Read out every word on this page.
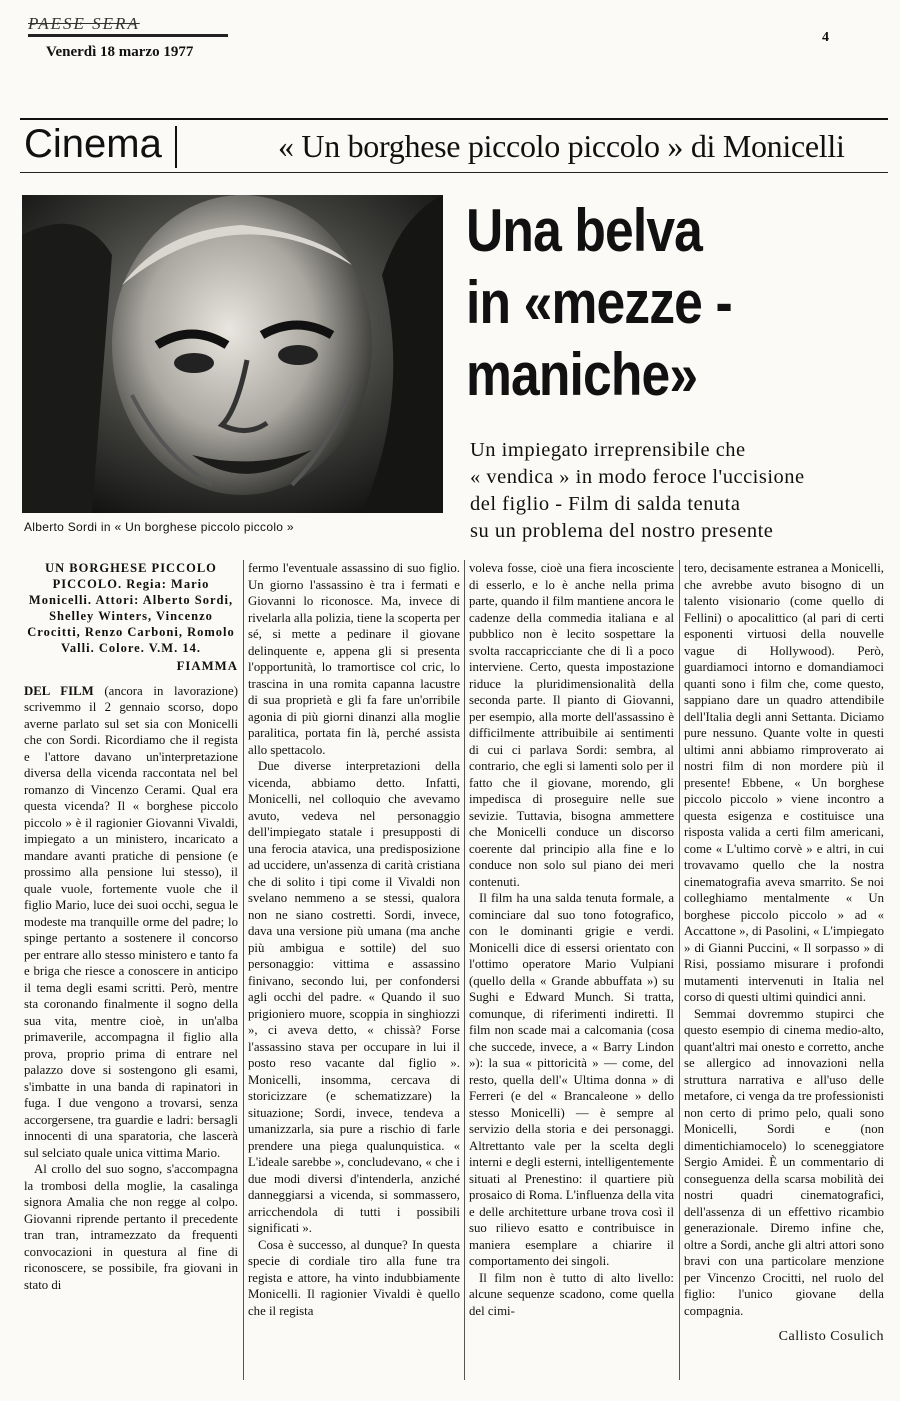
PAESE SERA
Venerdì 18 marzo 1977
4
Cinema	« Un borghese piccolo piccolo » di Monicelli
Alberto Sordi in « Un borghese piccolo piccolo »
Una belva
in «mezze -
maniche»
Un impiegato irreprensibile che
« vendica » in modo feroce l'uccisione
del figlio - Film di salda tenuta
su un problema del nostro presente

UN BORGHESE PICCOLO PICCOLO. Regia: Mario Monicelli. Attori: Alberto Sordi, Shelley Winters, Vincenzo Crocitti, Renzo Carboni, Romolo Valli. Colore. V.M. 14.

FIAMMA

DEL FILM (ancora in lavorazione) scrivemmo il 2 gennaio scorso, dopo averne parlato sul set sia con Monicelli che con Sordi. Ricordiamo che il regista e l'attore davano un'interpretazione diversa della vicenda raccontata nel bel romanzo di Vincenzo Cerami. Qual era questa vicenda? Il « borghese piccolo piccolo » è il ragionier Giovanni Vivaldi, impiegato a un ministero, incaricato a mandare avanti pratiche di pensione (e prossimo alla pensione lui stesso), il quale vuole, fortemente vuole che il figlio Mario, luce dei suoi occhi, segua le modeste ma tranquille orme del padre; lo spinge pertanto a sostenere il concorso per entrare allo stesso ministero e tanto fa e briga che riesce a conoscere in anticipo il tema degli esami scritti. Però, mentre sta coronando finalmente il sogno della sua vita, mentre cioè, in un'alba primaverile, accompagna il figlio alla prova, proprio prima di entrare nel palazzo dove si sostengono gli esami, s'imbatte in una banda di rapinatori in fuga. I due vengono a trovarsi, senza accorgersene, tra guardie e ladri: bersagli innocenti di una sparatoria, che lascerà sul selciato quale unica vittima Mario.

Al crollo del suo sogno, s'accompagna la trombosi della moglie, la casalinga signora Amalia che non regge al colpo. Giovanni riprende pertanto il precedente tran tran, intramezzato da frequenti convocazioni in questura al fine di riconoscere, se possibile, fra giovani in stato di

fermo l'eventuale assassino di suo figlio. Un giorno l'assassino è tra i fermati e Giovanni lo riconosce. Ma, invece di rivelarla alla polizia, tiene la scoperta per sé, si mette a pedinare il giovane delinquente e, appena gli si presenta l'opportunità, lo tramortisce col cric, lo trascina in una romita capanna lacustre di sua proprietà e gli fa fare un'orribile agonia di più giorni dinanzi alla moglie paralitica, portata fin là, perché assista allo spettacolo.

Due diverse interpretazioni della vicenda, abbiamo detto. Infatti, Monicelli, nel colloquio che avevamo avuto, vedeva nel personaggio dell'impiegato statale i presupposti di una ferocia atavica, una predisposizione ad uccidere, un'assenza di carità cristiana che di solito i tipi come il Vivaldi non svelano nemmeno a se stessi, qualora non ne siano costretti. Sordi, invece, dava una versione più umana (ma anche più ambigua e sottile) del suo personaggio: vittima e assassino finivano, secondo lui, per confondersi agli occhi del padre. « Quando il suo prigioniero muore, scoppia in singhiozzi », ci aveva detto, « chissà? Forse l'assassino stava per occupare in lui il posto reso vacante dal figlio ». Monicelli, insomma, cercava di storicizzare (e schematizzare) la situazione; Sordi, invece, tendeva a umanizzarla, sia pure a rischio di farle prendere una piega qualunquistica. « L'ideale sarebbe », concludevano, « che i due modi diversi d'intenderla, anziché danneggiarsi a vicenda, si sommassero, arricchendola di tutti i possibili significati ».

Cosa è successo, al dunque? In questa specie di cordiale tiro alla fune tra regista e attore, ha vinto indubbiamente Monicelli. Il ragionier Vivaldi è quello che il regista

voleva fosse, cioè una fiera incosciente di esserlo, e lo è anche nella prima parte, quando il film mantiene ancora le cadenze della commedia italiana e al pubblico non è lecito sospettare la svolta raccapricciante che di lì a poco interviene. Certo, questa impostazione riduce la pluridimensionalità della seconda parte. Il pianto di Giovanni, per esempio, alla morte dell'assassino è difficilmente attribuibile ai sentimenti di cui ci parlava Sordi: sembra, al contrario, che egli si lamenti solo per il fatto che il giovane, morendo, gli impedisca di proseguire nelle sue sevizie. Tuttavia, bisogna ammettere che Monicelli conduce un discorso coerente dal principio alla fine e lo conduce non solo sul piano dei meri contenuti.

Il film ha una salda tenuta formale, a cominciare dal suo tono fotografico, con le dominanti grigie e verdi. Monicelli dice di essersi orientato con l'ottimo operatore Mario Vulpiani (quello della « Grande abbuffata ») su Sughi e Edward Munch. Si tratta, comunque, di riferimenti indiretti. Il film non scade mai a calcomania (cosa che succede, invece, a « Barry Lindon »): la sua « pittoricità » — come, del resto, quella dell'« Ultima donna » di Ferreri (e del « Brancaleone » dello stesso Monicelli) — è sempre al servizio della storia e dei personaggi. Altrettanto vale per la scelta degli interni e degli esterni, intelligentemente situati al Prenestino: il quartiere più prosaico di Roma. L'influenza della vita e delle architetture urbane trova così il suo rilievo esatto e contribuisce in maniera esemplare a chiarire il comportamento dei singoli.

Il film non è tutto di alto livello: alcune sequenze scadono, come quella del cimi-

tero, decisamente estranea a Monicelli, che avrebbe avuto bisogno di un talento visionario (come quello di Fellini) o apocalittico (al pari di certi esponenti virtuosi della nouvelle vague di Hollywood). Però, guardiamoci intorno e domandiamoci quanti sono i film che, come questo, sappiano dare un quadro attendibile dell'Italia degli anni Settanta. Diciamo pure nessuno. Quante volte in questi ultimi anni abbiamo rimproverato ai nostri film di non mordere più il presente! Ebbene, « Un borghese piccolo piccolo » viene incontro a questa esigenza e costituisce una risposta valida a certi film americani, come « L'ultimo corvè » e altri, in cui trovavamo quello che la nostra cinematografia aveva smarrito. Se noi colleghiamo mentalmente « Un borghese piccolo piccolo » ad « Accattone », di Pasolini, « L'impiegato » di Gianni Puccini, « Il sorpasso » di Risi, possiamo misurare i profondi mutamenti intervenuti in Italia nel corso di questi ultimi quindici anni.

Semmai dovremmo stupirci che questo esempio di cinema medio-alto, quant'altri mai onesto e corretto, anche se allergico ad innovazioni nella struttura narrativa e all'uso delle metafore, ci venga da tre professionisti non certo di primo pelo, quali sono Monicelli, Sordi e (non dimentichiamocelo) lo sceneggiatore Sergio Amidei. È un commentario di conseguenza della scarsa mobilità dei nostri quadri cinematografici, dell'assenza di un effettivo ricambio generazionale. Diremo infine che, oltre a Sordi, anche gli altri attori sono bravi con una particolare menzione per Vincenzo Crocitti, nel ruolo del figlio: l'unico giovane della compagnia.

Callisto Cosulich
